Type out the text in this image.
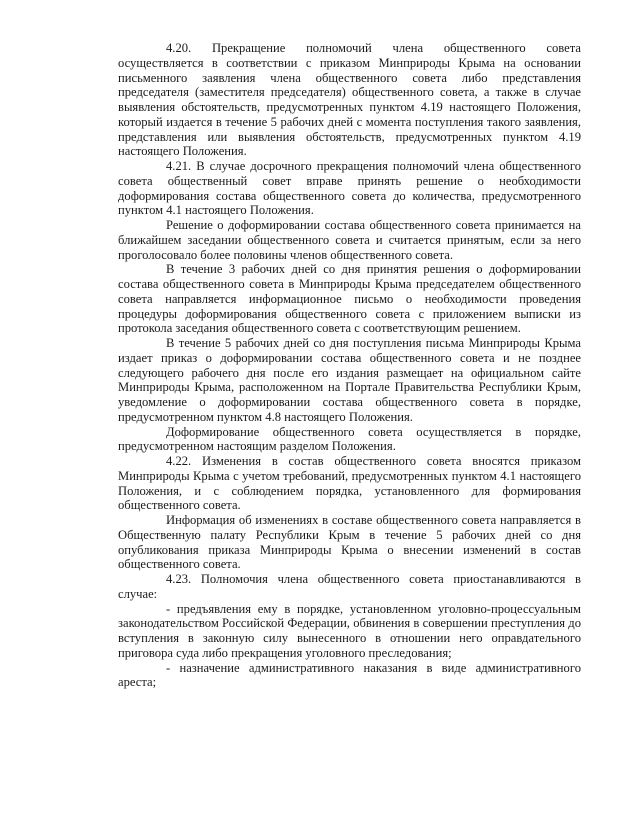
4.20. Прекращение полномочий члена общественного совета осуществляется в соответствии с приказом Минприроды Крыма на основании письменного заявления члена общественного совета либо представления председателя (заместителя председателя) общественного совета, а также в случае выявления обстоятельств, предусмотренных пунктом 4.19 настоящего Положения, который издается в течение 5 рабочих дней с момента поступления такого заявления, представления или выявления обстоятельств, предусмотренных пунктом 4.19 настоящего Положения.

4.21. В случае досрочного прекращения полномочий члена общественного совета общественный совет вправе принять решение о необходимости доформирования состава общественного совета до количества, предусмотренного пунктом 4.1 настоящего Положения.

Решение о доформировании состава общественного совета принимается на ближайшем заседании общественного совета и считается принятым, если за него проголосовало более половины членов общественного совета.

В течение 3 рабочих дней со дня принятия решения о доформировании состава общественного совета в Минприроды Крыма председателем общественного совета направляется информационное письмо о необходимости проведения процедуры доформирования общественного совета с приложением выписки из протокола заседания общественного совета с соответствующим решением.

В течение 5 рабочих дней со дня поступления письма Минприроды Крыма издает приказ о доформировании состава общественного совета и не позднее следующего рабочего дня после его издания размещает на официальном сайте Минприроды Крыма, расположенном на Портале Правительства Республики Крым, уведомление о доформировании состава общественного совета в порядке, предусмотренном пунктом 4.8 настоящего Положения.

Доформирование общественного совета осуществляется в порядке, предусмотренном настоящим разделом Положения.

4.22. Изменения в состав общественного совета вносятся приказом Минприроды Крыма с учетом требований, предусмотренных пунктом 4.1 настоящего Положения, и с соблюдением порядка, установленного для формирования общественного совета.

Информация об изменениях в составе общественного совета направляется в Общественную палату Республики Крым в течение 5 рабочих дней со дня опубликования приказа Минприроды Крыма о внесении изменений в состав общественного совета.

4.23. Полномочия члена общественного совета приостанавливаются в случае:

- предъявления ему в порядке, установленном уголовно-процессуальным законодательством Российской Федерации, обвинения в совершении преступления до вступления в законную силу вынесенного в отношении него оправдательного приговора суда либо прекращения уголовного преследования;

- назначение административного наказания в виде административного ареста;
